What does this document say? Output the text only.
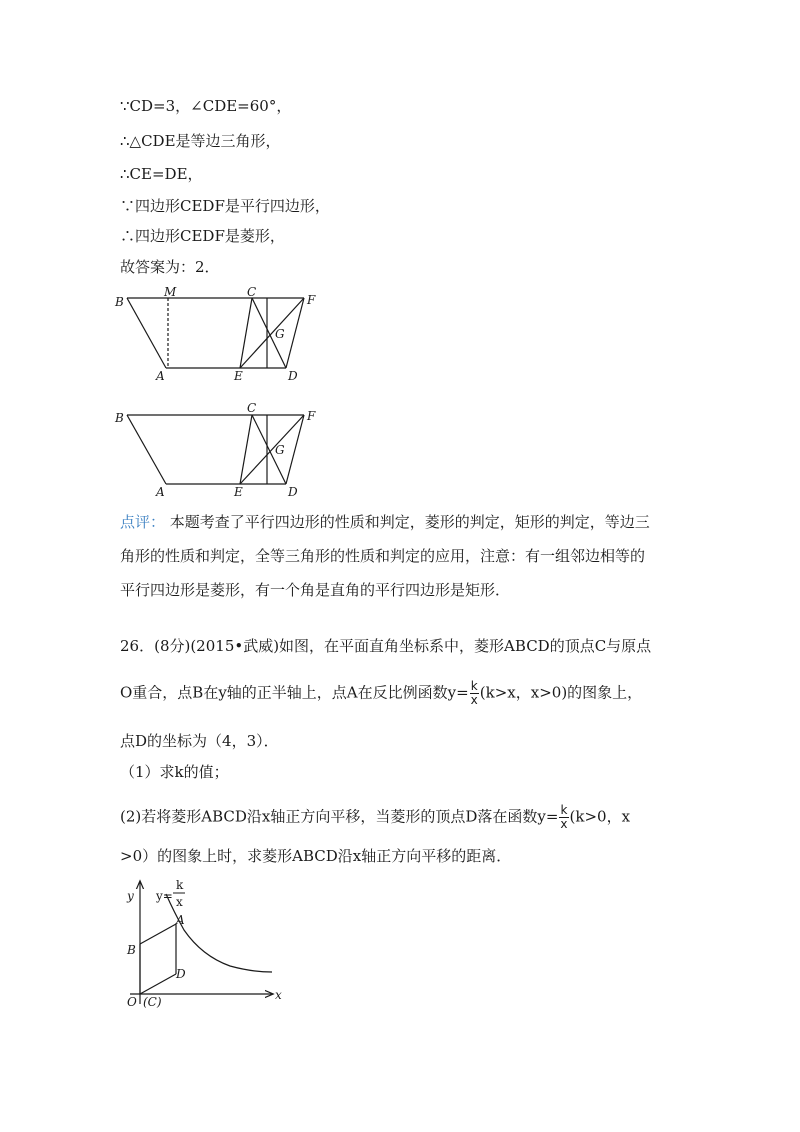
∵CD=3，∠CDE=60°，
∴△CDE是等边三角形，
∴CE=DE，
∵四边形CEDF是平行四边形，
∴四边形CEDF是菱形，
故答案为：2．
B
M	C
F
G
A	E	D
B
C
F
G
A	E	D
点评： 本题考查了平行四边形的性质和判定，菱形的判定，矩形的判定，等边三
角形的性质和判定，全等三角形的性质和判定的应用，注意：有一组邻边相等的
平行四边形是菱形，有一个角是直角的平行四边形是矩形．
26．(8分)(2015•武威)如图，在平面直角坐标系中，菱形ABCD的顶点C与原点
O重合，点B在y轴的正半轴上，点A在反比例函数$y= \frac{k}{x} (k>x$，x>0)的图象上，
点D的坐标为（4，3）．
（1）求k的值；
(2)若将菱形ABCD沿x轴正方向平移，当菱形的顶点D落在函数$y= \frac{k}{x} (k>0$，x
>0）的图象上时，求菱形ABCD沿x轴正方向平移的距离．
y y=
k
x
A
B
D
O (C)	x
